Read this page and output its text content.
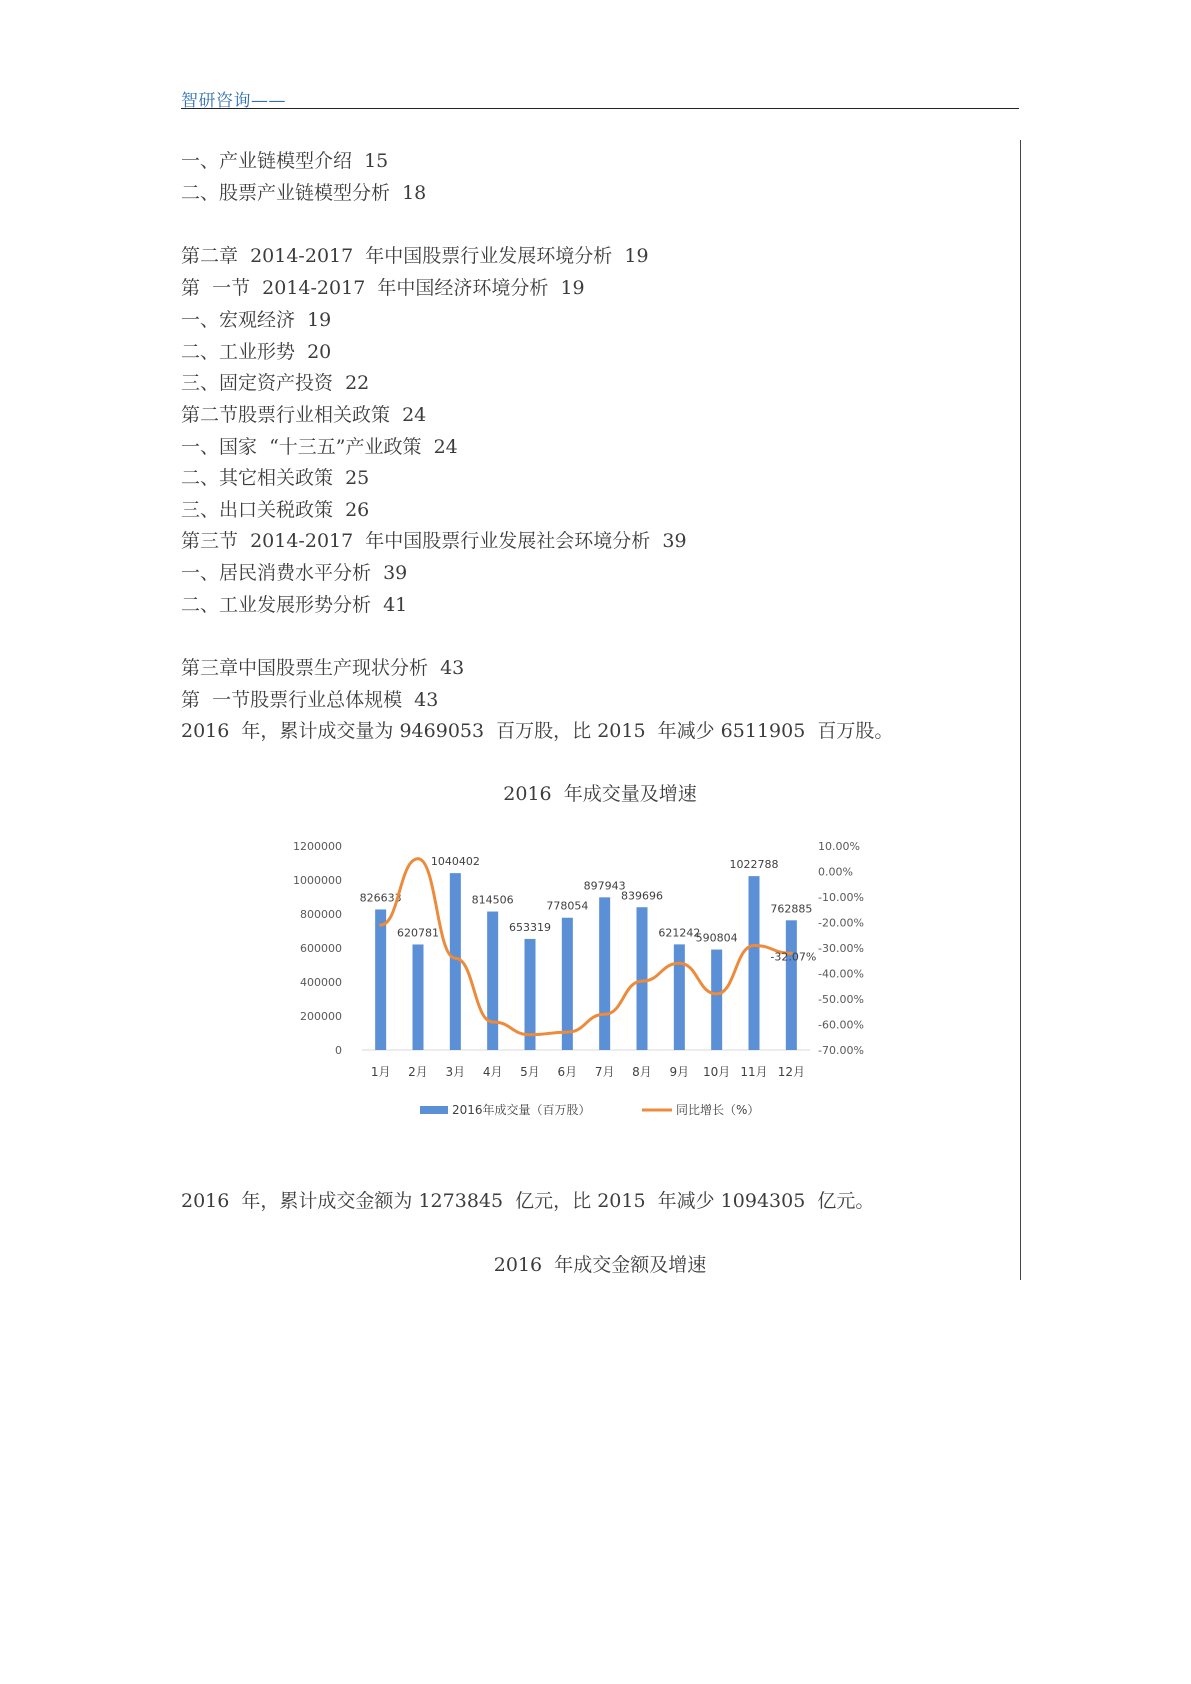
智研咨询——
一、产业链模型介绍  15
二、股票产业链模型分析  18
第二章  2014-2017  年中国股票行业发展环境分析  19
第  一节  2014-2017  年中国经济环境分析  19
一、宏观经济  19
二、工业形势  20
三、固定资产投资  22
第二节股票行业相关政策  24
一、国家  “十三五”产业政策  24
二、其它相关政策  25
三、出口关税政策  26
第三节  2014-2017  年中国股票行业发展社会环境分析  39
一、居民消费水平分析  39
二、工业发展形势分析  41
第三章中国股票生产现状分析  43
第  一节股票行业总体规模  43
2016  年，累计成交量为 9469053  百万股，比 2015  年减少 6511905  百万股。
2016  年成交量及增速
0
200000
400000
600000
800000
1000000
1200000	10.00%
0.00%
-10.00%
-20.00%
-30.00%
-40.00%
-50.00%
-60.00%
-70.00%
826633
620781
1040402
814506
653319
778054
897943
839696
621242
590804
1022788
762885
-32.07%
1月 2月 3月 4月 5月 6月 7月 8月 9月 10月 11月 12月
2016年成交量（百万股）	同比增长（%）
2016  年，累计成交金额为 1273845  亿元，比 2015  年减少 1094305  亿元。
2016  年成交金额及增速
